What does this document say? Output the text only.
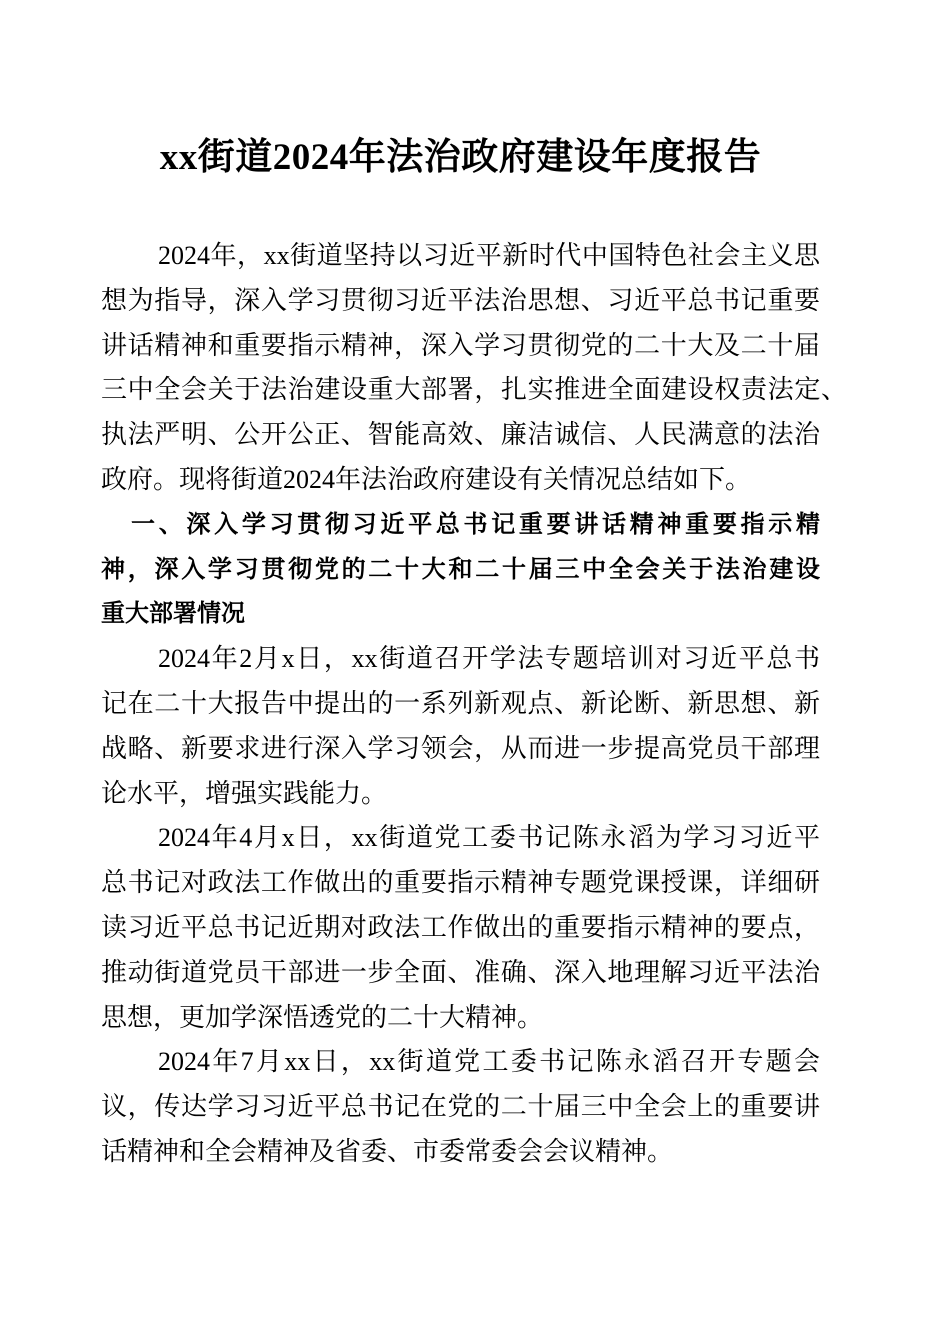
xx街道2024年法治政府建设年度报告
2024年，xx街道坚持以习近平新时代中国特色社会主义思
想为指导，深入学习贯彻习近平法治思想、习近平总书记重要
讲话精神和重要指示精神，深入学习贯彻党的二十大及二十届
三中全会关于法治建设重大部署，扎实推进全面建设权责法定、
执法严明、公开公正、智能高效、廉洁诚信、人民满意的法治
政府。现将街道2024年法治政府建设有关情况总结如下。
一、深入学习贯彻习近平总书记重要讲话精神重要指示精
神，深入学习贯彻党的二十大和二十届三中全会关于法治建设
重大部署情况
2024年2月x日，xx街道召开学法专题培训对习近平总书
记在二十大报告中提出的一系列新观点、新论断、新思想、新
战略、新要求进行深入学习领会，从而进一步提高党员干部理
论水平，增强实践能力。
2024年4月x日，xx街道党工委书记陈永滔为学习习近平
总书记对政法工作做出的重要指示精神专题党课授课，详细研
读习近平总书记近期对政法工作做出的重要指示精神的要点，
推动街道党员干部进一步全面、准确、深入地理解习近平法治
思想，更加学深悟透党的二十大精神。
2024年7月xx日，xx街道党工委书记陈永滔召开专题会
议，传达学习习近平总书记在党的二十届三中全会上的重要讲
话精神和全会精神及省委、市委常委会会议精神。
